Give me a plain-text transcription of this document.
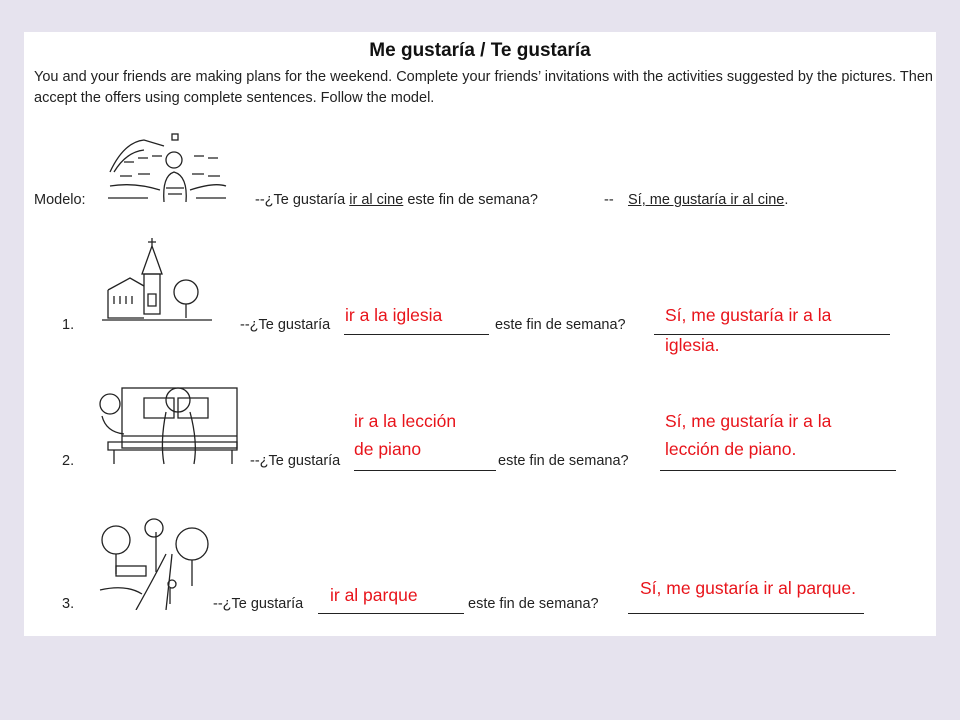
Me gustaría / Te gustaría
You and your friends are making plans for the weekend. Complete your friends’ invitations with the activities suggested by the pictures. Then accept the offers using complete sentences. Follow the model.
Modelo:	--¿Te gustaría ir al cine este fin de semana?	-- Sí, me gustaría ir al cine.
1.	--¿Te gustaría ir a la iglesia	este fin de semana? Sí, me gustaría ir a la
iglesia.
2.	--¿Te gustaría
ir a la lección
de piano
este fin de semana?
Sí, me gustaría ir a la
lección de piano.
3.	--¿Te gustaría ir al parque	este fin de semana?
Sí, me gustaría ir al parque.
